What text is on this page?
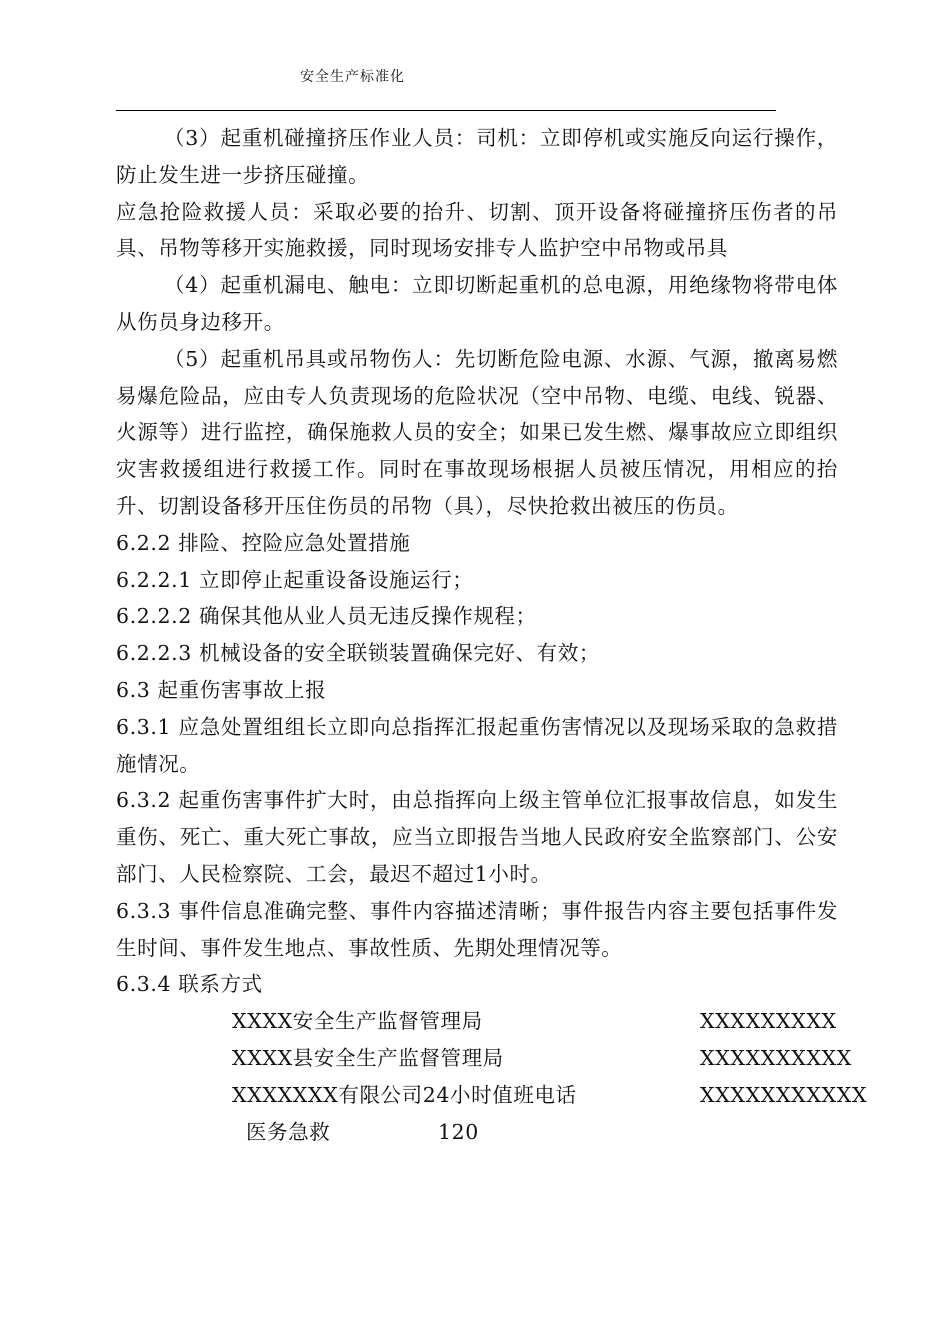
安全生产标准化

（3）起重机碰撞挤压作业人员：司机：立即停机或实施反向运行操作，防止发生进一步挤压碰撞。

应急抢险救援人员：采取必要的抬升、切割、顶开设备将碰撞挤压伤者的吊具、吊物等移开实施救援，同时现场安排专人监护空中吊物或吊具

（4）起重机漏电、触电：立即切断起重机的总电源，用绝缘物将带电体从伤员身边移开。

（5）起重机吊具或吊物伤人：先切断危险电源、水源、气源，撤离易燃易爆危险品，应由专人负责现场的危险状况（空中吊物、电缆、电线、锐器、火源等）进行监控，确保施救人员的安全；如果已发生燃、爆事故应立即组织灾害救援组进行救援工作。同时在事故现场根据人员被压情况，用相应的抬升、切割设备移开压住伤员的吊物（具），尽快抢救出被压的伤员。

6.2.2 排险、控险应急处置措施

6.2.2.1 立即停止起重设备设施运行；

6.2.2.2 确保其他从业人员无违反操作规程；

6.2.2.3 机械设备的安全联锁装置确保完好、有效；

6.3 起重伤害事故上报

6.3.1 应急处置组组长立即向总指挥汇报起重伤害情况以及现场采取的急救措施情况。

6.3.2 起重伤害事件扩大时，由总指挥向上级主管单位汇报事故信息，如发生重伤、死亡、重大死亡事故，应当立即报告当地人民政府安全监察部门、公安部门、人民检察院、工会，最迟不超过1小时。

6.3.3 事件信息准确完整、事件内容描述清晰；事件报告内容主要包括事件发生时间、事件发生地点、事故性质、先期处理情况等。

6.3.4 联系方式

XXXX安全生产监督管理局	XXXXXXXXX
XXXX县安全生产监督管理局	XXXXXXXXXX
XXXXXXX有限公司24小时值班电话	XXXXXXXXXXX
医务急救	120
